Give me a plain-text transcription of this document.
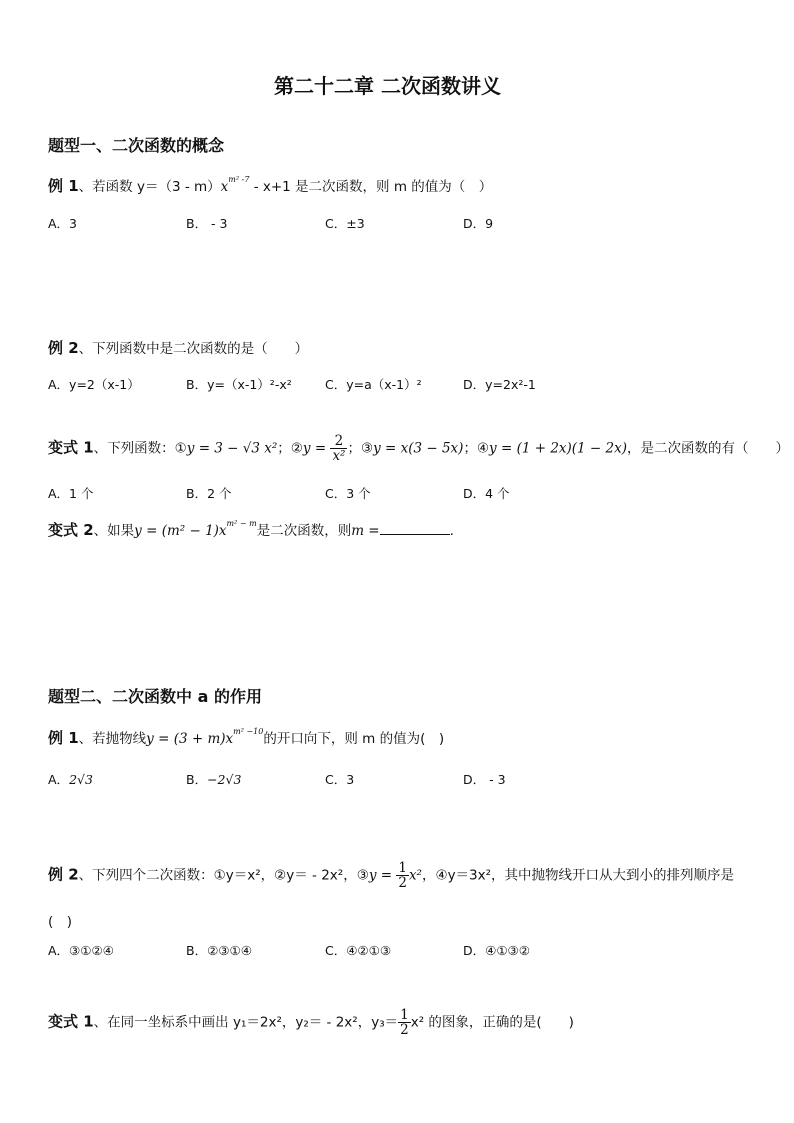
第二十二章 二次函数讲义
题型一、二次函数的概念
例 1、若函数 $y=(3 - m)x^{m^2 -7} - x+1$ 是二次函数，则 m 的值为（　）
A．3	B． - 3	C．±3	D．9
例 2、下列函数中是二次函数的是（　　）
A．y=2（x-1）	B．y=（x-1）²-x²	C．y=a（x-1）²	D．y=2x²-1
变式 1、下列函数：①y = 3 − √3 x²；②y = $\frac{2}{\text{x²}}$ ；③y = x(3 − 5x)；④y = (1 + 2x)(1 − 2x)，是二次函数的有（　　）
A．1 个	B．2 个	C．3 个	D．4 个
变式 2、如果$y = (m^2 - 1)x^{m^2 - m}$是二次函数，则m =	.
题型二、二次函数中 a 的作用
例 1、若抛物线$y = (3 + m)x^{m^2 -10}$的开口向下，则 m 的值为(　)
A．2√3	B．−2√3	C．3	D． - 3
例 2、下列四个二次函数：①y＝x²，②y＝ - 2x²，③y = $\frac{1}{2} x^2$，④y＝3x²，其中抛物线开口从大到小的排列顺序是
(　)
A．③①②④	B．②③①④	C．④②①③	D．④①③②
变式 1、在同一坐标系中画出 y₁＝2x²，y₂＝ - 2x²，$y_3= \frac{1}{2} x^2$ 的图象，正确的是(　　)
